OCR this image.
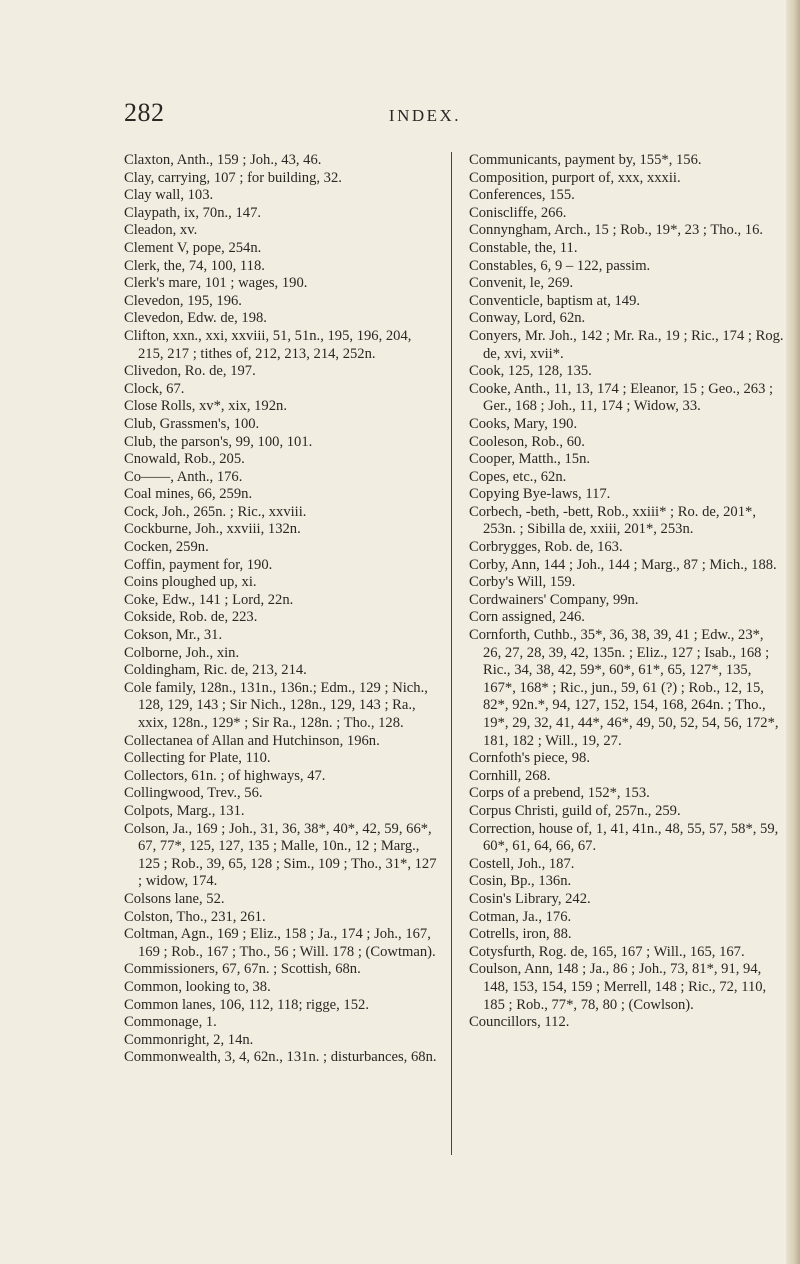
282	INDEX.

Claxton, Anth., 159 ; Joh., 43, 46.

Clay, carrying, 107 ; for building, 32.

Clay wall, 103.

Claypath, ix, 70n., 147.

Cleadon, xv.

Clement V, pope, 254n.

Clerk, the, 74, 100, 118.

Clerk's mare, 101 ; wages, 190.

Clevedon, 195, 196.

Clevedon, Edw. de, 198.

Clifton, xxn., xxi, xxviii, 51, 51n., 195, 196, 204, 215, 217 ; tithes of, 212, 213, 214, 252n.

Clivedon, Ro. de, 197.

Clock, 67.

Close Rolls, xv*, xix, 192n.

Club, Grassmen's, 100.

Club, the parson's, 99, 100, 101.

Cnowald, Rob., 205.

Co——, Anth., 176.

Coal mines, 66, 259n.

Cock, Joh., 265n. ; Ric., xxviii.

Cockburne, Joh., xxviii, 132n.

Cocken, 259n.

Coffin, payment for, 190.

Coins ploughed up, xi.

Coke, Edw., 141 ; Lord, 22n.

Cokside, Rob. de, 223.

Cokson, Mr., 31.

Colborne, Joh., xin.

Coldingham, Ric. de, 213, 214.

Cole family, 128n., 131n., 136n.; Edm., 129 ; Nich., 128, 129, 143 ; Sir Nich., 128n., 129, 143 ; Ra., xxix, 128n., 129* ; Sir Ra., 128n. ; Tho., 128.

Collectanea of Allan and Hutchinson, 196n.

Collecting for Plate, 110.

Collectors, 61n. ; of highways, 47.

Collingwood, Trev., 56.

Colpots, Marg., 131.

Colson, Ja., 169 ; Joh., 31, 36, 38*, 40*, 42, 59, 66*, 67, 77*, 125, 127, 135 ; Malle, 10n., 12 ; Marg., 125 ; Rob., 39, 65, 128 ; Sim., 109 ; Tho., 31*, 127 ; widow, 174.

Colsons lane, 52.

Colston, Tho., 231, 261.

Coltman, Agn., 169 ; Eliz., 158 ; Ja., 174 ; Joh., 167, 169 ; Rob., 167 ; Tho., 56 ; Will. 178 ; (Cowtman).

Commissioners, 67, 67n. ; Scottish, 68n.

Common, looking to, 38.

Common lanes, 106, 112, 118; rigge, 152.

Commonage, 1.

Commonright, 2, 14n.

Commonwealth, 3, 4, 62n., 131n. ; disturbances, 68n.

Communicants, payment by, 155*, 156.

Composition, purport of, xxx, xxxii.

Conferences, 155.

Coniscliffe, 266.

Connyngham, Arch., 15 ; Rob., 19*, 23 ; Tho., 16.

Constable, the, 11.

Constables, 6, 9 – 122, passim.

Convenit, le, 269.

Conventicle, baptism at, 149.

Conway, Lord, 62n.

Conyers, Mr. Joh., 142 ; Mr. Ra., 19 ; Ric., 174 ; Rog. de, xvi, xvii*.

Cook, 125, 128, 135.

Cooke, Anth., 11, 13, 174 ; Eleanor, 15 ; Geo., 263 ; Ger., 168 ; Joh., 11, 174 ; Widow, 33.

Cooks, Mary, 190.

Cooleson, Rob., 60.

Cooper, Matth., 15n.

Copes, etc., 62n.

Copying Bye-laws, 117.

Corbech, -beth, -bett, Rob., xxiii* ; Ro. de, 201*, 253n. ; Sibilla de, xxiii, 201*, 253n.

Corbrygges, Rob. de, 163.

Corby, Ann, 144 ; Joh., 144 ; Marg., 87 ; Mich., 188.

Corby's Will, 159.

Cordwainers' Company, 99n.

Corn assigned, 246.

Cornforth, Cuthb., 35*, 36, 38, 39, 41 ; Edw., 23*, 26, 27, 28, 39, 42, 135n. ; Eliz., 127 ; Isab., 168 ; Ric., 34, 38, 42, 59*, 60*, 61*, 65, 127*, 135, 167*, 168* ; Ric., jun., 59, 61 (?) ; Rob., 12, 15, 82*, 92n.*, 94, 127, 152, 154, 168, 264n. ; Tho., 19*, 29, 32, 41, 44*, 46*, 49, 50, 52, 54, 56, 172*, 181, 182 ; Will., 19, 27.

Cornfoth's piece, 98.

Cornhill, 268.

Corps of a prebend, 152*, 153.

Corpus Christi, guild of, 257n., 259.

Correction, house of, 1, 41, 41n., 48, 55, 57, 58*, 59, 60*, 61, 64, 66, 67.

Costell, Joh., 187.

Cosin, Bp., 136n.

Cosin's Library, 242.

Cotman, Ja., 176.

Cotrells, iron, 88.

Cotysfurth, Rog. de, 165, 167 ; Will., 165, 167.

Coulson, Ann, 148 ; Ja., 86 ; Joh., 73, 81*, 91, 94, 148, 153, 154, 159 ; Merrell, 148 ; Ric., 72, 110, 185 ; Rob., 77*, 78, 80 ; (Cowlson).

Councillors, 112.
